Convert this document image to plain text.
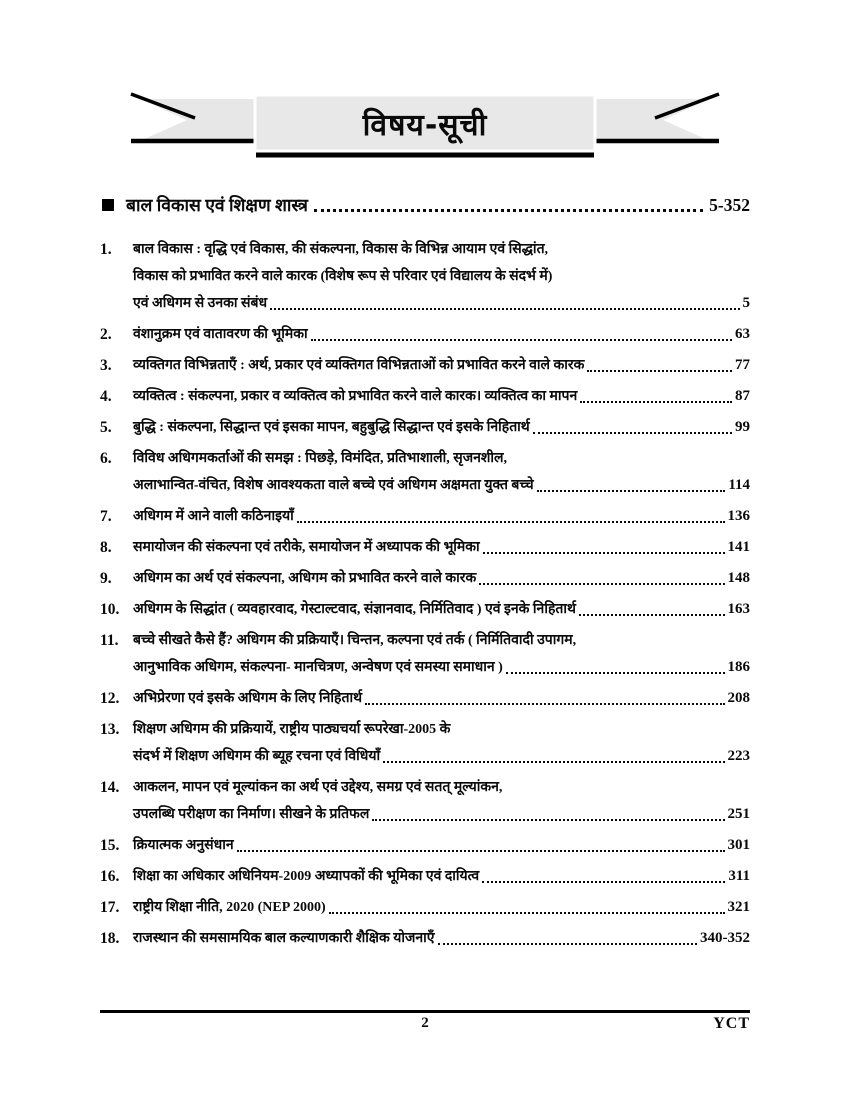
विषय-सूची
बाल विकास एवं शिक्षण शास्त्र	5-352
1.	बाल विकास : वृद्धि एवं विकास, की संकल्पना, विकास के विभिन्न आयाम एवं सिद्धांत,
विकास को प्रभावित करने वाले कारक (विशेष रूप से परिवार एवं विद्यालय के संदर्भ में)
एवं अधिगम से उनका संबंध	5
2.	वंशानुक्रम एवं वातावरण की भूमिका	63
3.	व्यक्तिगत विभिन्नताएँ : अर्थ, प्रकार एवं व्यक्तिगत विभिन्नताओं को प्रभावित करने वाले कारक	77
4.	व्यक्तित्व : संकल्पना, प्रकार व व्यक्तित्व को प्रभावित करने वाले कारक। व्यक्तित्व का मापन	87
5.	बुद्धि : संकल्पना, सिद्धान्त एवं इसका मापन, बहुबुद्धि सिद्धान्त एवं इसके निहितार्थ	99
6.	विविध अधिगमकर्ताओं की समझ : पिछड़े, विमंदित, प्रतिभाशाली, सृजनशील,
अलाभान्वित-वंचित, विशेष आवश्यकता वाले बच्चे एवं अधिगम अक्षमता युक्त बच्चे	114
7.	अधिगम में आने वाली कठिनाइयाँ	136
8.	समायोजन की संकल्पना एवं तरीके, समायोजन में अध्यापक की भूमिका	141
9.	अधिगम का अर्थ एवं संकल्पना, अधिगम को प्रभावित करने वाले कारक	148
10. अधिगम के सिद्धांत ( व्यवहारवाद, गेस्टाल्टवाद, संज्ञानवाद, निर्मितिवाद ) एवं इनके निहितार्थ	163
11.	बच्चे सीखते कैसे हैं? अधिगम की प्रक्रियाएँ। चिन्तन, कल्पना एवं तर्क ( निर्मितिवादी उपागम,
आनुभाविक अधिगम, संकल्पना- मानचित्रण, अन्वेषण एवं समस्या समाधान )	186
12. अभिप्रेरणा एवं इसके अधिगम के लिए निहितार्थ	208
13. शिक्षण अधिगम की प्रक्रियायें, राष्ट्रीय पाठ्यचर्या रूपरेखा-2005 के
संदर्भ में शिक्षण अधिगम की ब्यूह रचना एवं विधियाँ	223
14. आकलन, मापन एवं मूल्यांकन का अर्थ एवं उद्देश्य, समग्र एवं सतत् मूल्यांकन,
उपलब्धि परीक्षण का निर्माण। सीखने के प्रतिफल	251
15. क्रियात्मक अनुसंधान	301
16. शिक्षा का अधिकार अधिनियम-2009 अध्यापकों की भूमिका एवं दायित्व	311
17. राष्ट्रीय शिक्षा नीति, 2020 (NEP 2000)	321
18. राजस्थान की समसामयिक बाल कल्याणकारी शैक्षिक योजनाएँ	340-352
2	YCT
